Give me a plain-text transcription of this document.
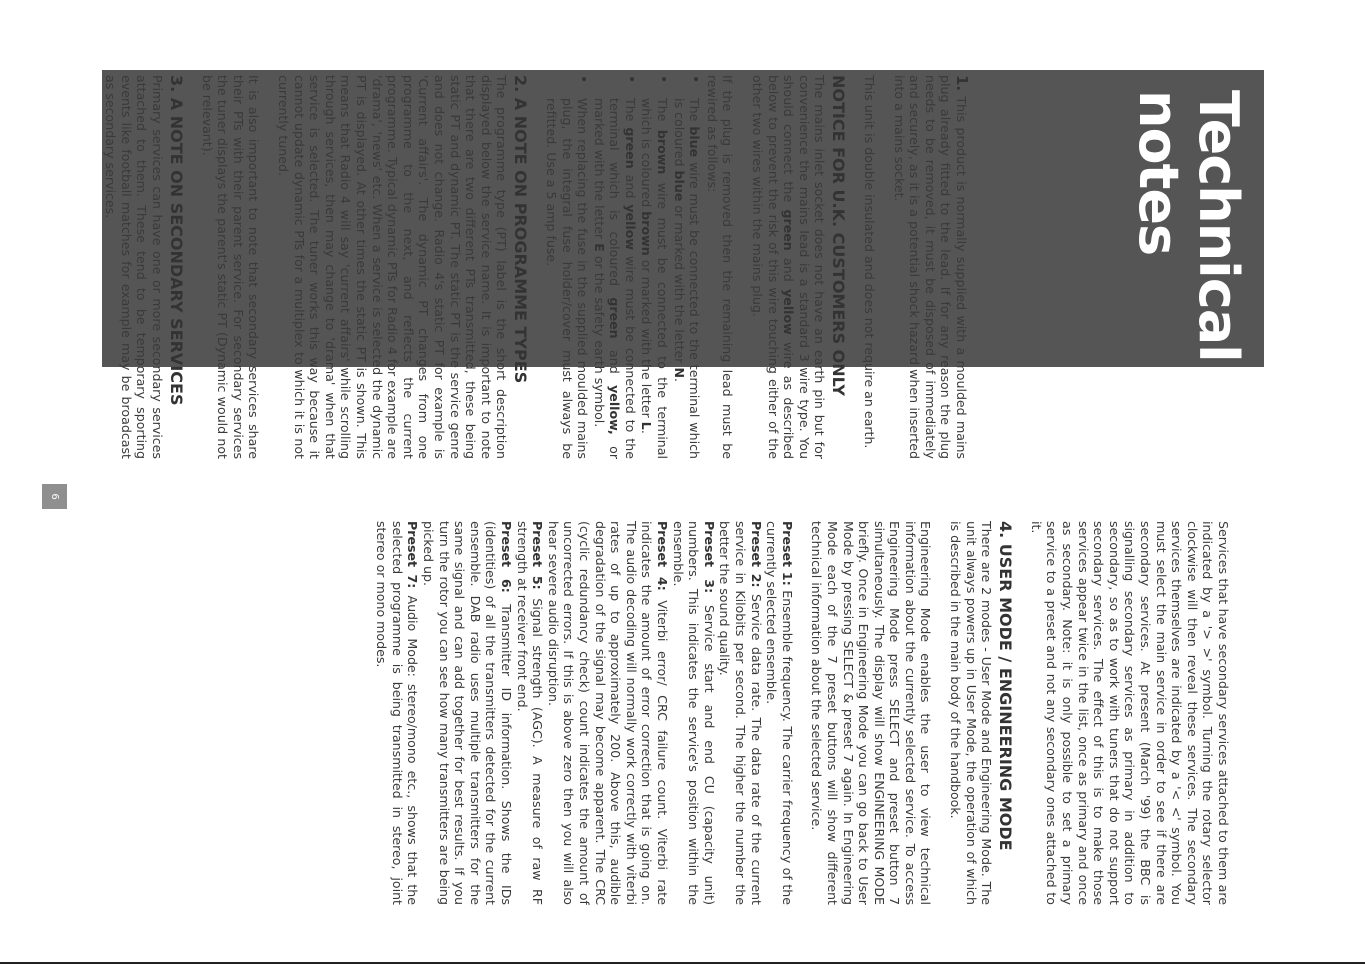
Technical notes

1. This product is normally supplied with a moulded mains plug already fitted to the lead. If for any reason the plug needs to be removed, it must be disposed of immediately and securely, as it is a potential shock hazard when inserted into a mains socket.

This unit is double insulated and does not require an earth.

NOTICE FOR U.K. CUSTOMERS ONLY

The mains inlet socket does not have an earth pin but for convenience the mains lead is a standard 3 wire type. You should connect the green and yellow wire as described below to prevent the risk of this wire touching either of the other two wires within the mains plug.

If the plug is removed then the remaining lead must be rewired as follows:

• The blue wire must be connected to the terminal which is coloured blue or marked with the letter N.
• The brown wire must be connected to the terminal which is coloured brown or marked with the letter L.
• The green and yellow wire must be connected to the terminal which is coloured green and yellow, or marked with the letter E or the safety earth symbol.
• When replacing the fuse in the supplied moulded mains plug, the integral fuse holder/cover must always be refitted. Use a 5 amp fuse.
2. A NOTE ON PROGRAMME TYPES

The programme type (PT) label is the short description displayed below the service name. It is important to note that there are two different PTs transmitted, these being static PT and dynamic PT. The static PT is the service genre and does not change. Radio 4's static PT for example is 'Current affairs'. The dynamic PT changes from one programme to the next, and reflects the current programme. Typical dynamic PTs for Radio 4 for example are 'drama', 'news' etc. When a service is selected the dynamic PT is displayed. At other times the static PT is shown. This means that Radio 4 will say 'current affairs' while scrolling through services, then may change to 'drama' when that service is selected. The tuner works this way because it cannot update dynamic PTs for a multiplex to which it is not currently tuned.

It is also important to note that secondary services share their PTs with their parent service. For secondary services the tuner displays the parent's static PT (Dynamic would not be relevant).

3. A NOTE ON SECONDARY SERVICES

Primary services can have one or more secondary services attached to them. These tend to be temporary sporting events like football matches for example may be broadcast as secondary services.

Services that have secondary services attached to them are indicated by a '> >' symbol. Turning the rotary selector clockwise will then reveal these services. The secondary services themselves are indicated by a '< <' symbol. You must select the main service in order to see if there are secondary services. At present (March '99) the BBC is signalling secondary services as primary in addition to secondary, so as to work with tuners that do not support secondary services. The effect of this is to make those services appear twice in the list, once as primary and once as secondary. Note: it is only possible to set a primary service to a preset and not any secondary ones attached to it.

4. USER MODE / ENGINEERING MODE

There are 2 modes - User Mode and Engineering Mode. The unit always powers up in User Mode, the operation of which is described in the main body of the handbook.

Engineering Mode enables the user to view technical information about the currently selected service. To access Engineering Mode press SELECT and preset button 7 simultaneously. The display will show ENGINEERING MODE briefly. Once in Engineering Mode you can go back to User Mode by pressing SELECT & preset 7 again. In Engineering Mode each of the 7 preset buttons will show different technical information about the selected service.

Preset 1: Ensemble frequency. The carrier frequency of the currently selected ensemble.
Preset 2: Service data rate. The data rate of the current service in Kilobits per second. The higher the number the better the sound quality.
Preset 3: Service start and end CU (capacity unit) numbers. This indicates the service's position within the ensemble.
Preset 4: Viterbi error/ CRC failure count. Viterbi rate indicates the amount of error correction that is going on. The audio decoding will normally work correctly with viterbi rates of up to approximately 200. Above this, audible degradation of the signal may become apparent. The CRC (cyclic redundancy check) count indicates the amount of uncorrected errors. If this is above zero then you will also hear severe audio disruption.
Preset 5: Signal strength (AGC). A measure of raw RF strength at receiver front end.
Preset 6: Transmitter ID information. Shows the IDs (identities) of all the transmitters detected for the current ensemble. DAB radio uses multiple transmitters for the same signal and can add together for best results. If you turn the rotor you can see how many transmitters are being picked up.
Preset 7: Audio Mode: stereo/mono etc., shows that the selected programme is being transmitted in stereo, joint stereo or mono modes.
6
